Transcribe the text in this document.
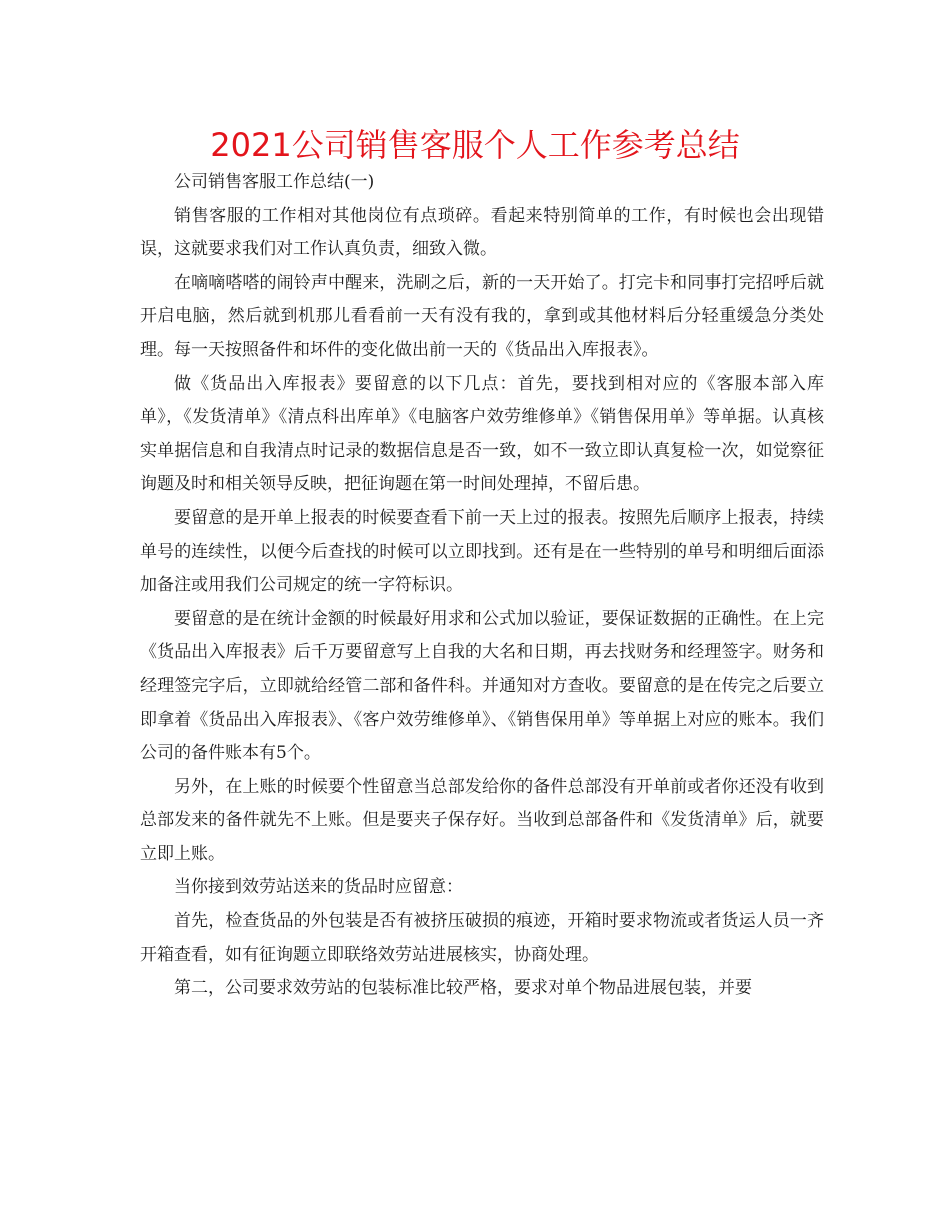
2021公司销售客服个人工作参考总结

公司销售客服工作总结(一)

销售客服的工作相对其他岗位有点琐碎。看起来特别简单的工作，有时候也会出现错误，这就要求我们对工作认真负责，细致入微。

在嘀嘀嗒嗒的闹铃声中醒来，洗刷之后，新的一天开始了。打完卡和同事打完招呼后就开启电脑，然后就到机那儿看看前一天有没有我的，拿到或其他材料后分轻重缓急分类处理。每一天按照备件和坏件的变化做出前一天的《货品出入库报表》。

做《货品出入库报表》要留意的以下几点：首先，要找到相对应的《客服本部入库单》，《发货清单》《清点科出库单》《电脑客户效劳维修单》《销售保用单》等单据。认真核实单据信息和自我清点时记录的数据信息是否一致，如不一致立即认真复检一次，如觉察征询题及时和相关领导反映，把征询题在第一时间处理掉，不留后患。

要留意的是开单上报表的时候要查看下前一天上过的报表。按照先后顺序上报表，持续单号的连续性，以便今后查找的时候可以立即找到。还有是在一些特别的单号和明细后面添加备注或用我们公司规定的统一字符标识。

要留意的是在统计金额的时候最好用求和公式加以验证，要保证数据的正确性。在上完《货品出入库报表》后千万要留意写上自我的大名和日期，再去找财务和经理签字。财务和经理签完字后，立即就给经管二部和备件科。并通知对方查收。要留意的是在传完之后要立即拿着《货品出入库报表》、《客户效劳维修单》、《销售保用单》等单据上对应的账本。我们公司的备件账本有5个。

另外，在上账的时候要个性留意当总部发给你的备件总部没有开单前或者你还没有收到总部发来的备件就先不上账。但是要夹子保存好。当收到总部备件和《发货清单》后，就要立即上账。

当你接到效劳站送来的货品时应留意：

首先，检查货品的外包装是否有被挤压破损的痕迹，开箱时要求物流或者货运人员一齐开箱查看，如有征询题立即联络效劳站进展核实，协商处理。

第二，公司要求效劳站的包装标准比较严格，要求对单个物品进展包装，并要
